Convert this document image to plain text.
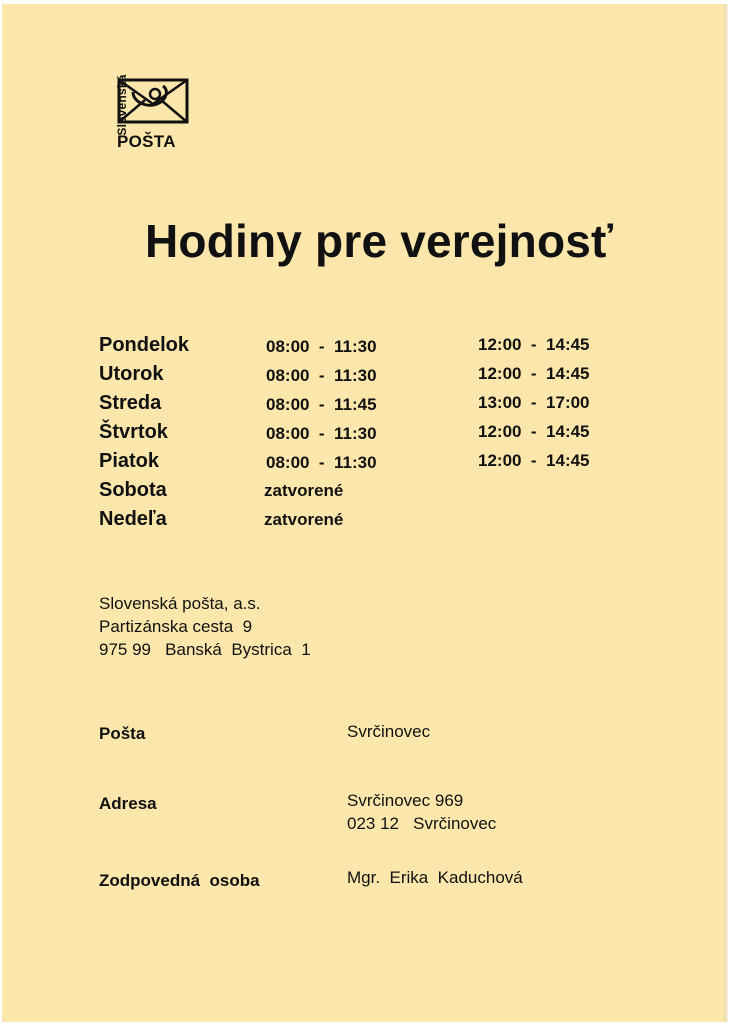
Slovenská
POŠTA
Hodiny pre verejnosť
Pondelok	08:00  -  11:30	12:00  -  14:45
Utorok	08:00  -  11:30	12:00  -  14:45
Streda	08:00  -  11:45	13:00  -  17:00
Štvrtok	08:00  -  11:30	12:00  -  14:45
Piatok	08:00  -  11:30	12:00  -  14:45
Sobota	zatvorené
Nedeľa	zatvorené
Slovenská pošta, a.s.
Partizánska cesta  9
975 99   Banská  Bystrica  1
Pošta	Svrčinovec
Adresa	Svrčinovec 969
023 12   Svrčinovec
Zodpovedná  osoba	Mgr.  Erika  Kaduchová
